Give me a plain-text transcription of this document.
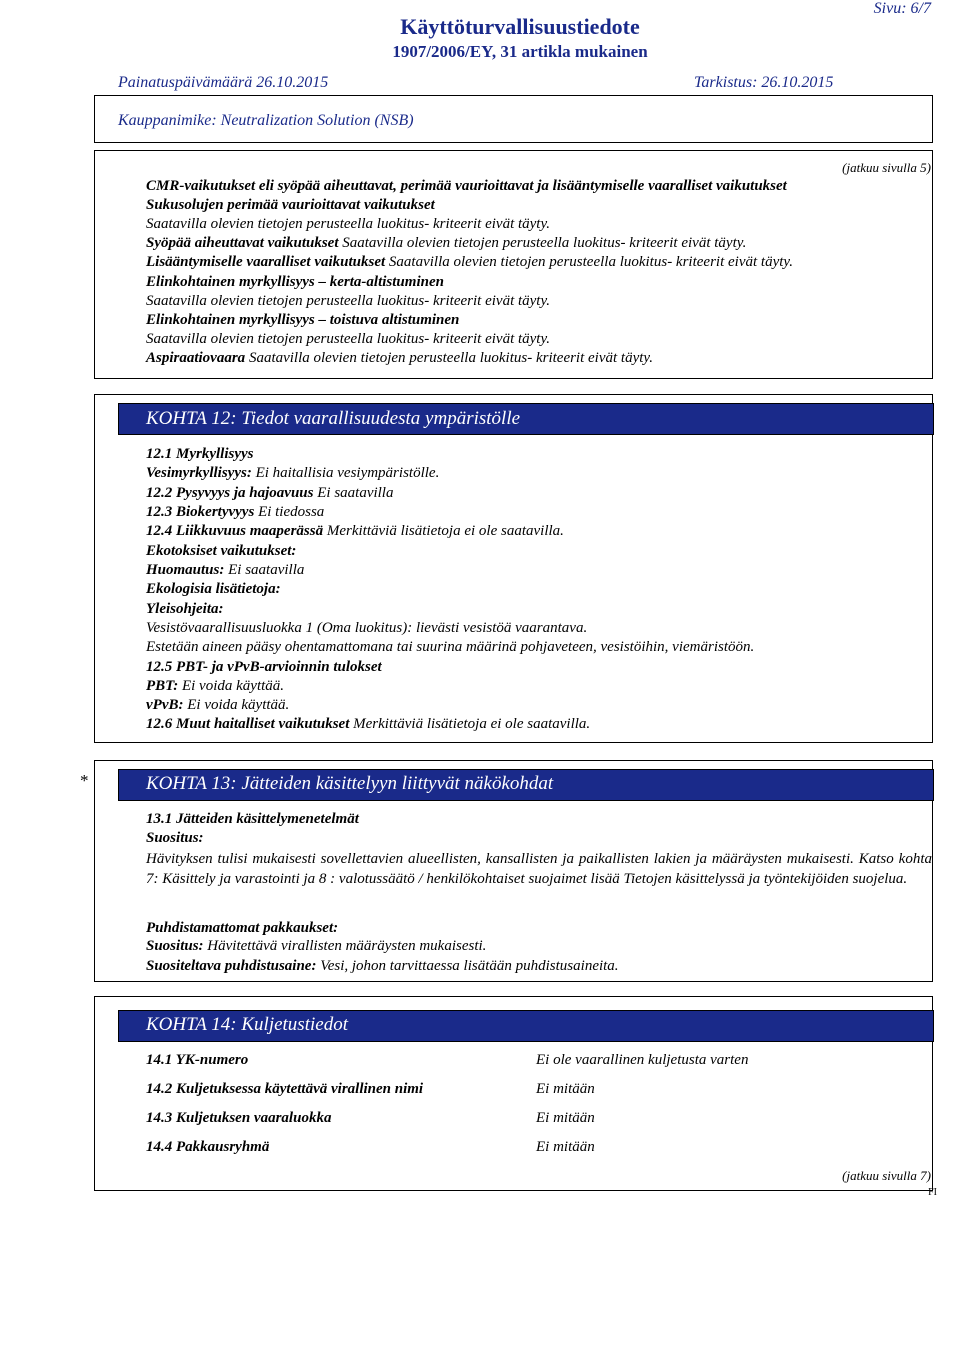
Sivu: 6/7
Käyttöturvallisuustiedote
1907/2006/EY, 31 artikla mukainen
Painatuspäivämäärä 26.10.2015	Tarkistus: 26.10.2015
Kauppanimike: Neutralization Solution (NSB)
(jatkuu sivulla 5)
CMR-vaikutukset eli syöpää aiheuttavat, perimää vaurioittavat ja lisääntymiselle vaaralliset vaikutukset
Sukusolujen perimää vaurioittavat vaikutukset
Saatavilla olevien tietojen perusteella luokitus- kriteerit eivät täyty.
Syöpää aiheuttavat vaikutukset Saatavilla olevien tietojen perusteella luokitus- kriteerit eivät täyty.
Lisääntymiselle vaaralliset vaikutukset Saatavilla olevien tietojen perusteella luokitus- kriteerit eivät täyty.
Elinkohtainen myrkyllisyys – kerta-altistuminen
Saatavilla olevien tietojen perusteella luokitus- kriteerit eivät täyty.
Elinkohtainen myrkyllisyys – toistuva altistuminen
Saatavilla olevien tietojen perusteella luokitus- kriteerit eivät täyty.
Aspiraatiovaara Saatavilla olevien tietojen perusteella luokitus- kriteerit eivät täyty.
KOHTA 12: Tiedot vaarallisuudesta ympäristölle
12.1 Myrkyllisyys
Vesimyrkyllisyys: Ei haitallisia vesiympäristölle.
12.2 Pysyvyys ja hajoavuus Ei saatavilla
12.3 Biokertyvyys Ei tiedossa
12.4 Liikkuvuus maaperässä Merkittäviä lisätietoja ei ole saatavilla.
Ekotoksiset vaikutukset:
Huomautus: Ei saatavilla
Ekologisia lisätietoja:
Yleisohjeita:
Vesistövaarallisuusluokka 1 (Oma luokitus): lievästi vesistöä vaarantava.
Estetään aineen pääsy ohentamattomana tai suurina määrinä pohjaveteen, vesistöihin, viemäristöön.
12.5 PBT- ja vPvB-arvioinnin tulokset
PBT: Ei voida käyttää.
vPvB: Ei voida käyttää.
12.6 Muut haitalliset vaikutukset Merkittäviä lisätietoja ei ole saatavilla.
*	KOHTA 13: Jätteiden käsittelyyn liittyvät näkökohdat
13.1 Jätteiden käsittelymenetelmät
Suositus:
Hävityksen tulisi mukaisesti sovellettavien alueellisten, kansallisten ja paikallisten lakien ja määräysten mukaisesti. Katso kohta 7: Käsittely ja varastointi ja 8 : valotussäätö / henkilökohtaiset suojaimet lisää Tietojen käsittelyssä ja työntekijöiden suojelua.
Puhdistamattomat pakkaukset:
Suositus: Hävitettävä virallisten määräysten mukaisesti.
Suositeltava puhdistusaine: Vesi, johon tarvittaessa lisätään puhdistusaineita.
KOHTA 14: Kuljetustiedot
14.1 YK-numero	Ei ole vaarallinen kuljetusta varten
14.2 Kuljetuksessa käytettävä virallinen nimi	Ei mitään
14.3 Kuljetuksen vaaraluokka	Ei mitään
14.4 Pakkausryhmä	Ei mitään
(jatkuu sivulla 7)
FI
